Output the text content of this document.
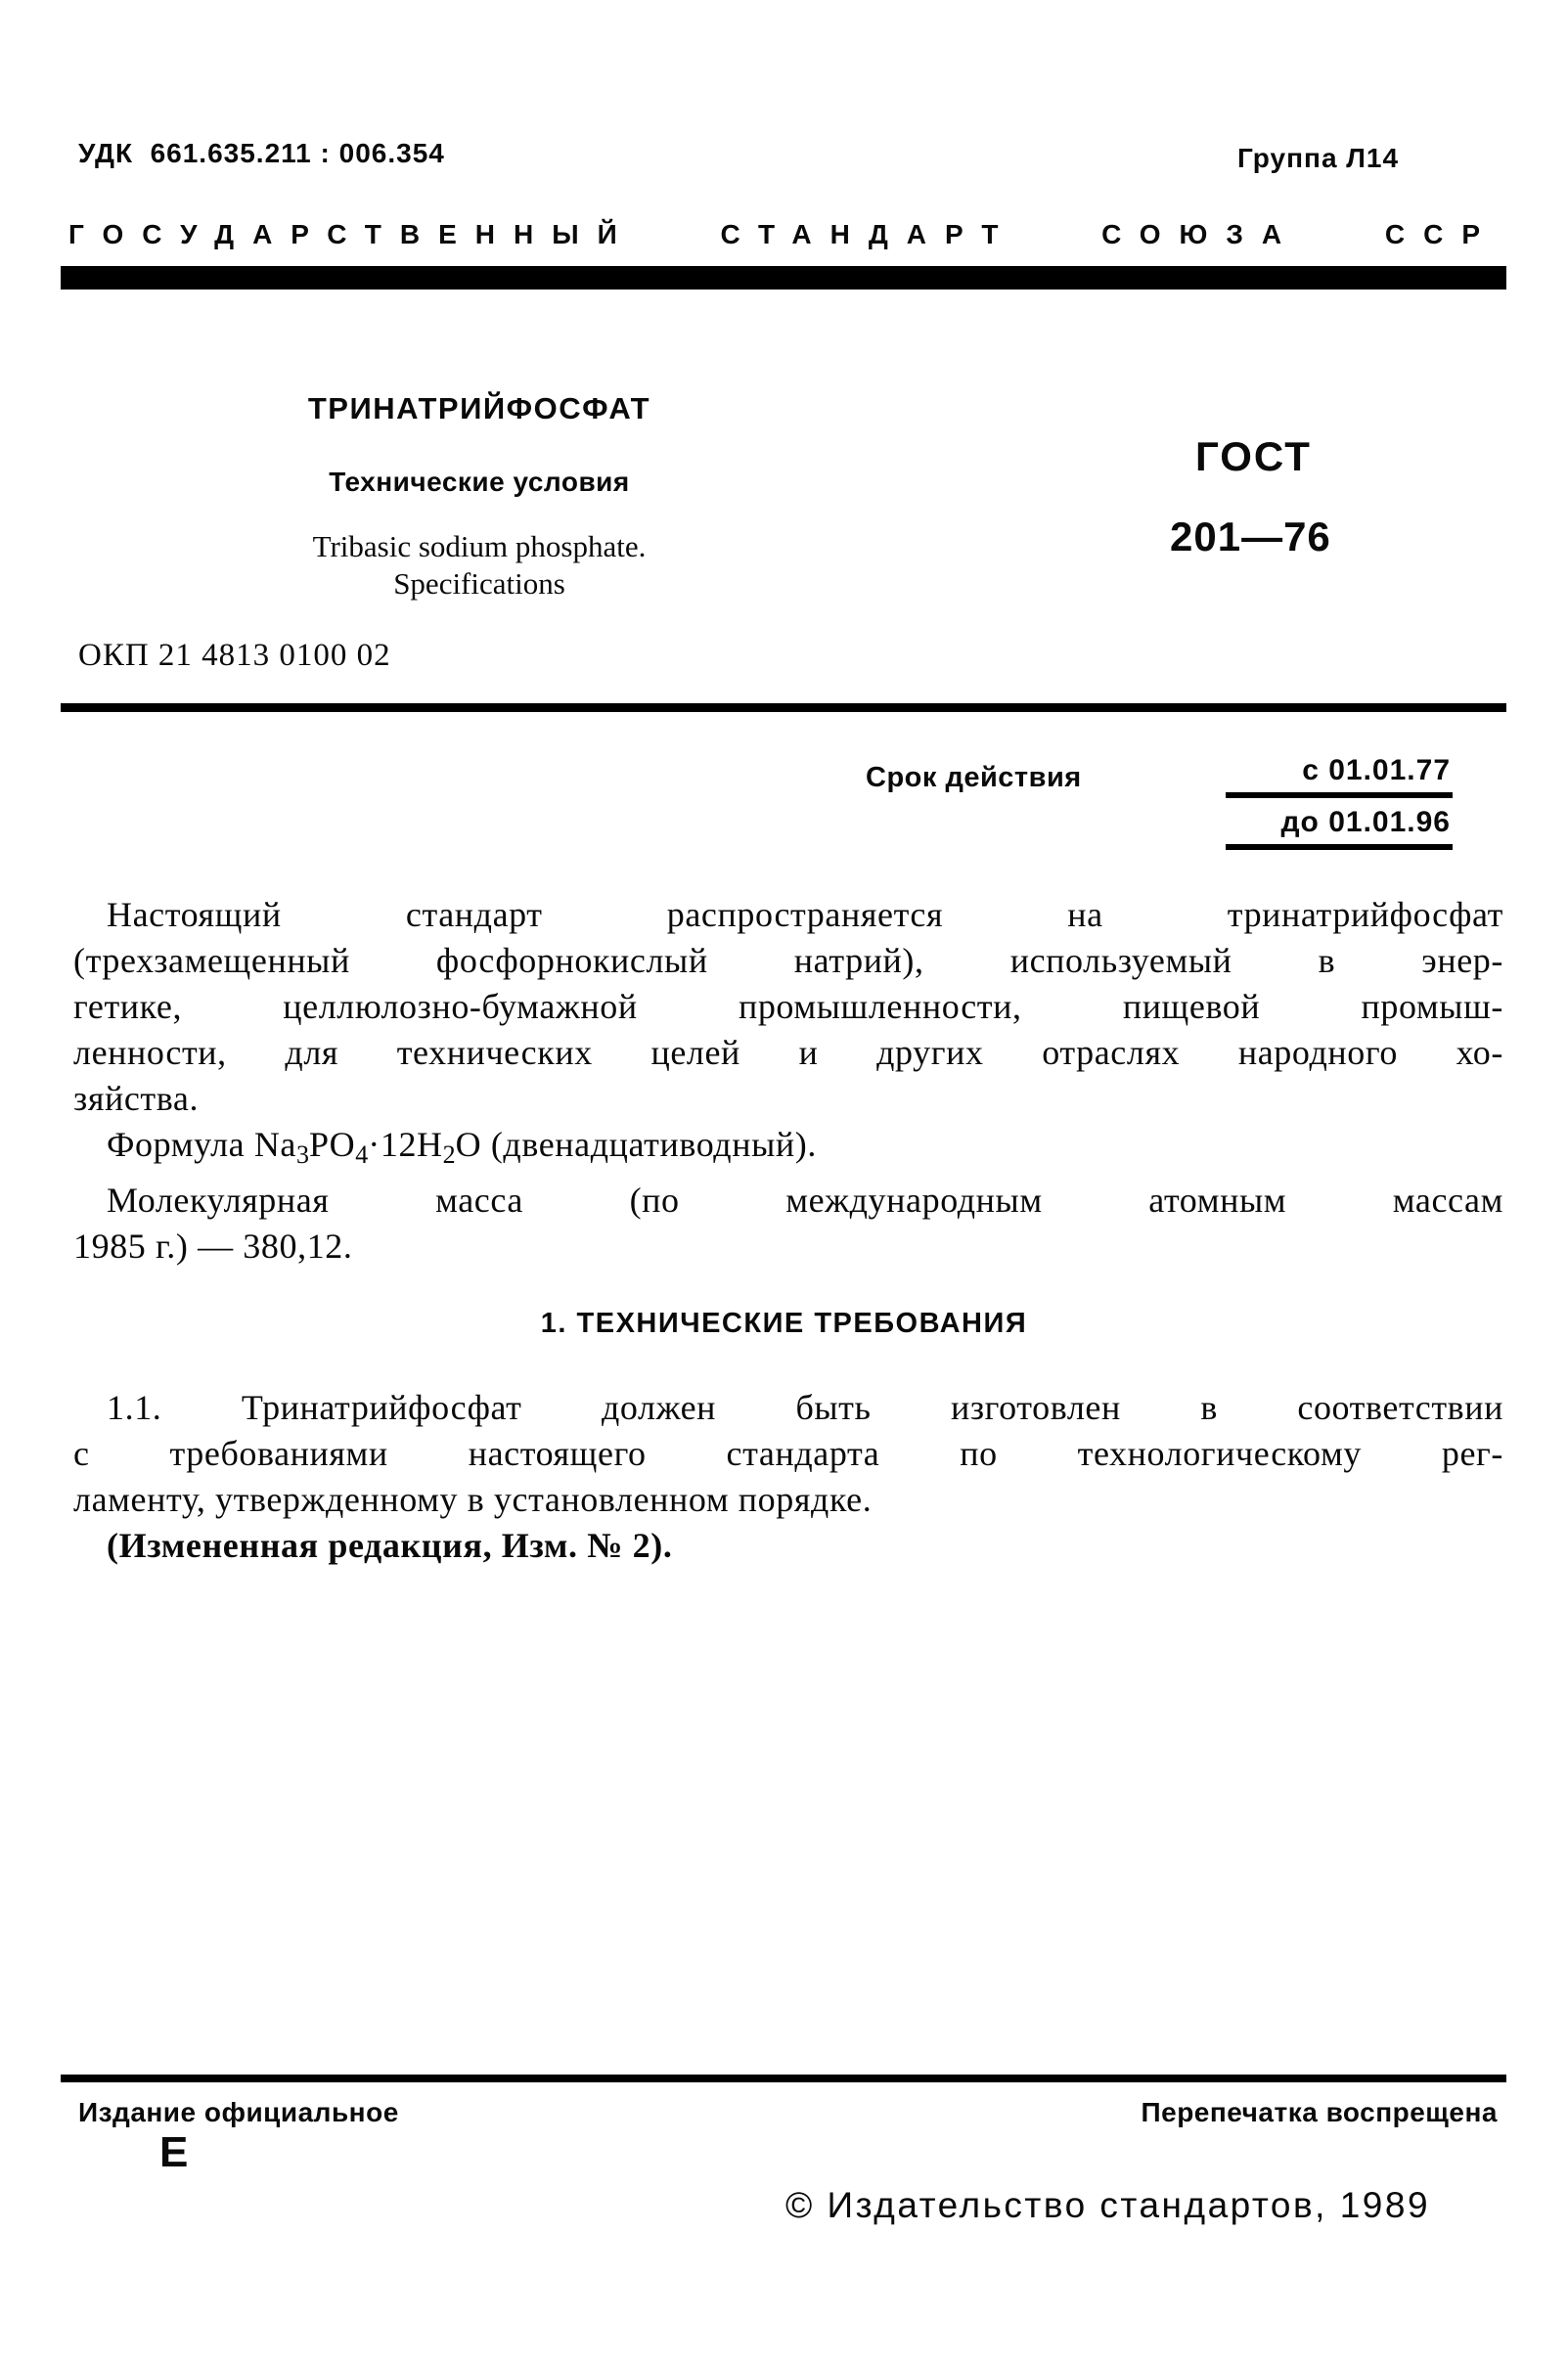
УДК  661.635.211 : 006.354	Группа Л14
ГОСУДАРСТВЕННЫЙ СТАНДАРТ СОЮЗА ССР
ТРИНАТРИЙФОСФАТ
Технические условия
Tribasic sodium phosphate.
Specifications
ГОСТ
201—76
ОКП 21 4813 0100 02
Срок действия	с 01.01.77
до 01.01.96
Настоящий стандарт распространяется на тринатрийфосфат
(трехзамещенный фосфорнокислый натрий), используемый в энер-
гетике, целлюлозно-бумажной промышленности, пищевой промыш-
ленности, для технических целей и других отраслях народного хо-
зяйства.
Формула $Na_3PO_4\cdot 12H_2O$ (двенадцативодный).
Молекулярная масса (по международным атомным массам
1985 г.) — 380,12.
1. ТЕХНИЧЕСКИЕ ТРЕБОВАНИЯ
1.1. Тринатрийфосфат должен быть изготовлен в соответствии
с требованиями настоящего стандарта по технологическому рег-
ламенту, утвержденному в установленном порядке.
(Измененная редакция, Изм. № 2).
Издание официальное	Перепечатка воспрещена
Е
© Издательство стандартов, 1989
